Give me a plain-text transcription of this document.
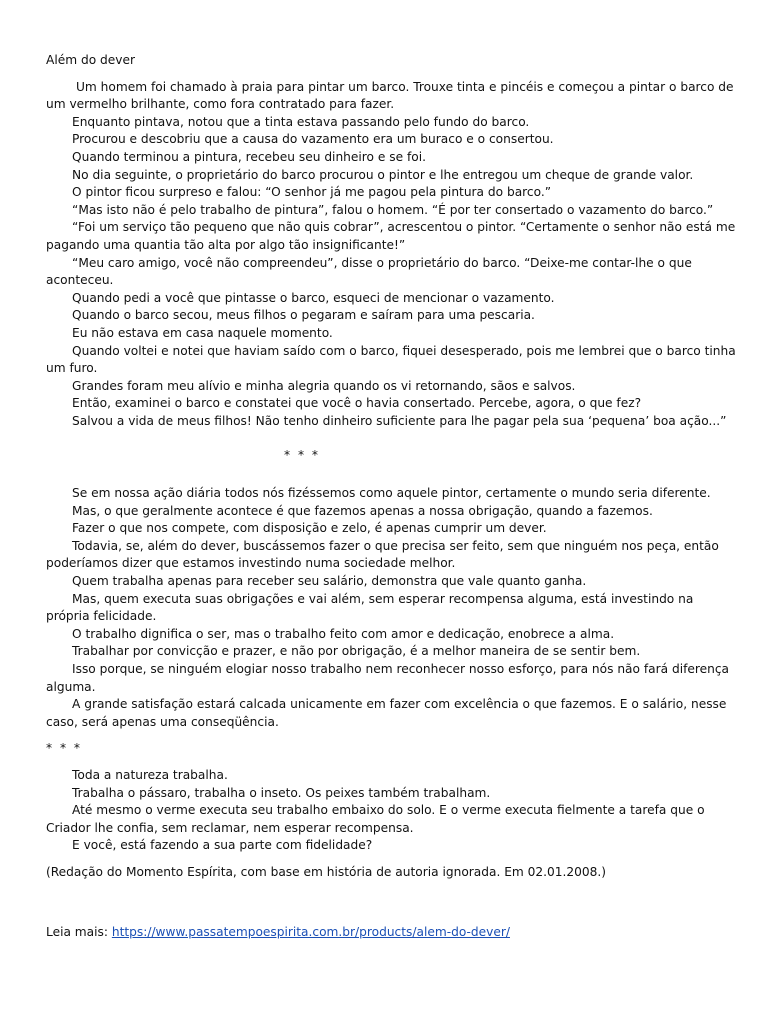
Além do dever

Um homem foi chamado à praia para pintar um barco. Trouxe tinta e pincéis e começou a pintar o barco de um vermelho brilhante, como fora contratado para fazer.

Enquanto pintava, notou que a tinta estava passando pelo fundo do barco.

Procurou e descobriu que a causa do vazamento era um buraco e o consertou.

Quando terminou a pintura, recebeu seu dinheiro e se foi.

No dia seguinte, o proprietário do barco procurou o pintor e lhe entregou um cheque de grande valor.

O pintor ficou surpreso e falou: “O senhor já me pagou pela pintura do barco.”

“Mas isto não é pelo trabalho de pintura”, falou o homem. “É por ter consertado o vazamento do barco.”

“Foi um serviço tão pequeno que não quis cobrar”, acrescentou o pintor. “Certamente o senhor não está me pagando uma quantia tão alta por algo tão insignificante!”

“Meu caro amigo, você não compreendeu”, disse o proprietário do barco. “Deixe-me contar-lhe o que aconteceu.

Quando pedi a você que pintasse o barco, esqueci de mencionar o vazamento.

Quando o barco secou, meus filhos o pegaram e saíram para uma pescaria.

Eu não estava em casa naquele momento.

Quando voltei e notei que haviam saído com o barco, fiquei desesperado, pois me lembrei que o barco tinha um furo.

Grandes foram meu alívio e minha alegria quando os vi retornando, sãos e salvos.

Então, examinei o barco e constatei que você o havia consertado. Percebe, agora, o que fez?

Salvou a vida de meus filhos! Não tenho dinheiro suficiente para lhe pagar pela sua ‘pequena’ boa ação...”

* * *

Se em nossa ação diária todos nós fizéssemos como aquele pintor, certamente o mundo seria diferente.

Mas, o que geralmente acontece é que fazemos apenas a nossa obrigação, quando a fazemos.

Fazer o que nos compete, com disposição e zelo, é apenas cumprir um dever.

Todavia, se, além do dever, buscássemos fazer o que precisa ser feito, sem que ninguém nos peça, então poderíamos dizer que estamos investindo numa sociedade melhor.

Quem trabalha apenas para receber seu salário, demonstra que vale quanto ganha.

Mas, quem executa suas obrigações e vai além, sem esperar recompensa alguma, está investindo na própria felicidade.

O trabalho dignifica o ser, mas o trabalho feito com amor e dedicação, enobrece a alma.

Trabalhar por convicção e prazer, e não por obrigação, é a melhor maneira de se sentir bem.

Isso porque, se ninguém elogiar nosso trabalho nem reconhecer nosso esforço, para nós não fará diferença alguma.

A grande satisfação estará calcada unicamente em fazer com excelência o que fazemos. E o salário, nesse caso, será apenas uma conseqüência.

* * *

Toda a natureza trabalha.

Trabalha o pássaro, trabalha o inseto. Os peixes também trabalham.

Até mesmo o verme executa seu trabalho embaixo do solo. E o verme executa fielmente a tarefa que o Criador lhe confia, sem reclamar, nem esperar recompensa.

E você, está fazendo a sua parte com fidelidade?

(Redação do Momento Espírita, com base em história de autoria ignorada. Em 02.01.2008.)

Leia mais: https://www.passatempoespirita.com.br/products/alem-do-dever/
